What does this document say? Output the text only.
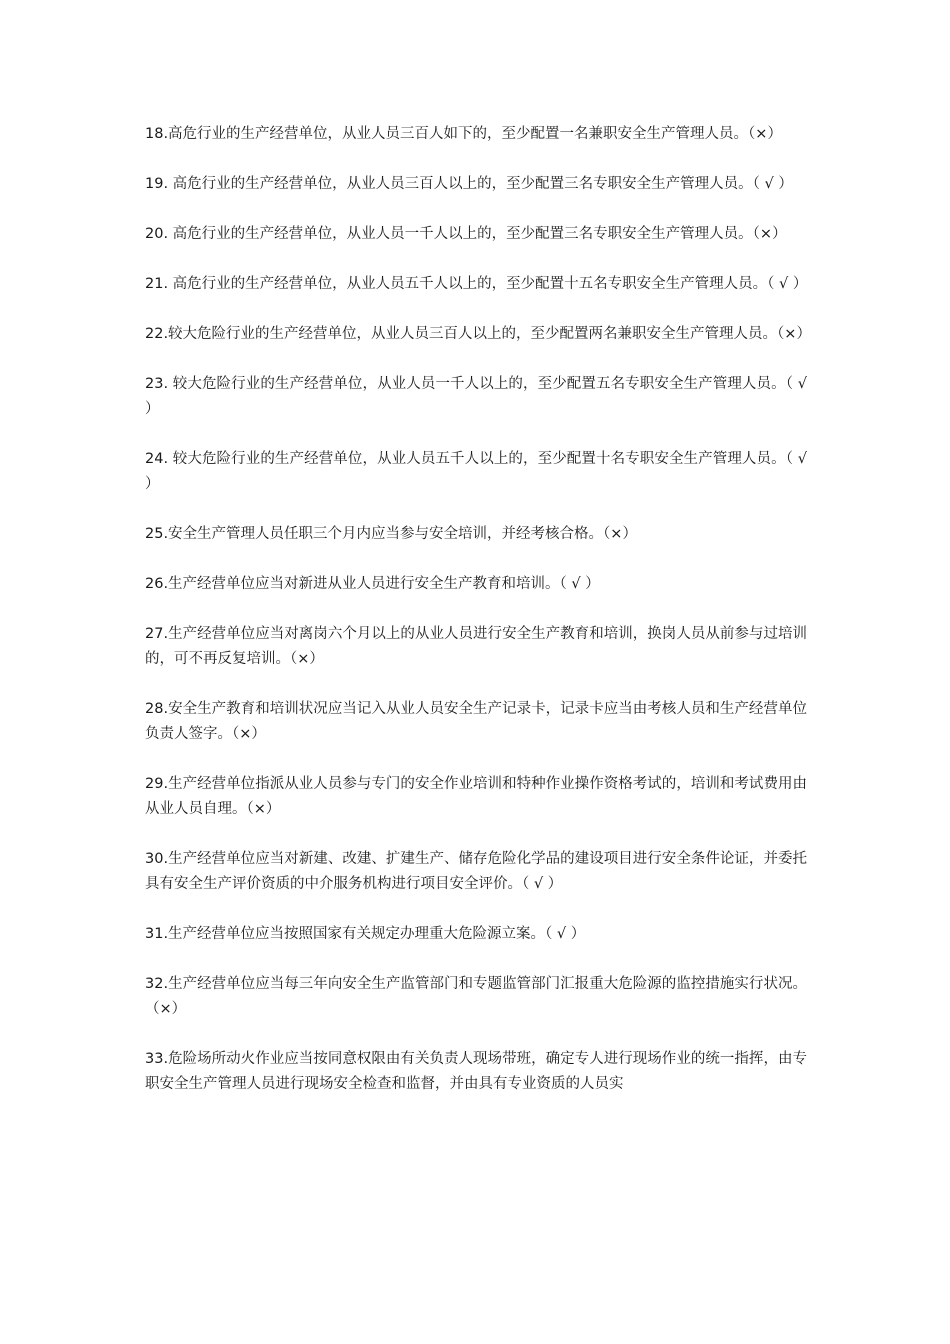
18.高危行业的生产经营单位，从业人员三百人如下的，至少配置一名兼职安全生产管理人员。（×）

19. 高危行业的生产经营单位，从业人员三百人以上的，至少配置三名专职安全生产管理人员。（ √ ）

20. 高危行业的生产经营单位，从业人员一千人以上的，至少配置三名专职安全生产管理人员。（×）

21. 高危行业的生产经营单位，从业人员五千人以上的，至少配置十五名专职安全生产管理人员。（ √ ）

22.较大危险行业的生产经营单位，从业人员三百人以上的，至少配置两名兼职安全生产管理人员。（×）

23. 较大危险行业的生产经营单位，从业人员一千人以上的，至少配置五名专职安全生产管理人员。（ √ ）

24. 较大危险行业的生产经营单位，从业人员五千人以上的，至少配置十名专职安全生产管理人员。（ √ ）

25.安全生产管理人员任职三个月内应当参与安全培训，并经考核合格。（×）

26.生产经营单位应当对新进从业人员进行安全生产教育和培训。（ √ ）

27.生产经营单位应当对离岗六个月以上的从业人员进行安全生产教育和培训，换岗人员从前参与过培训的，可不再反复培训。（×）

28.安全生产教育和培训状况应当记入从业人员安全生产记录卡，记录卡应当由考核人员和生产经营单位负责人签字。（×）

29.生产经营单位指派从业人员参与专门的安全作业培训和特种作业操作资格考试的，培训和考试费用由从业人员自理。（×）

30.生产经营单位应当对新建、改建、扩建生产、储存危险化学品的建设项目进行安全条件论证，并委托具有安全生产评价资质的中介服务机构进行项目安全评价。（ √ ）

31.生产经营单位应当按照国家有关规定办理重大危险源立案。（ √ ）

32.生产经营单位应当每三年向安全生产监管部门和专题监管部门汇报重大危险源的监控措施实行状况。（×）

33.危险场所动火作业应当按同意权限由有关负责人现场带班，确定专人进行现场作业的统一指挥，由专职安全生产管理人员进行现场安全检查和监督，并由具有专业资质的人员实
